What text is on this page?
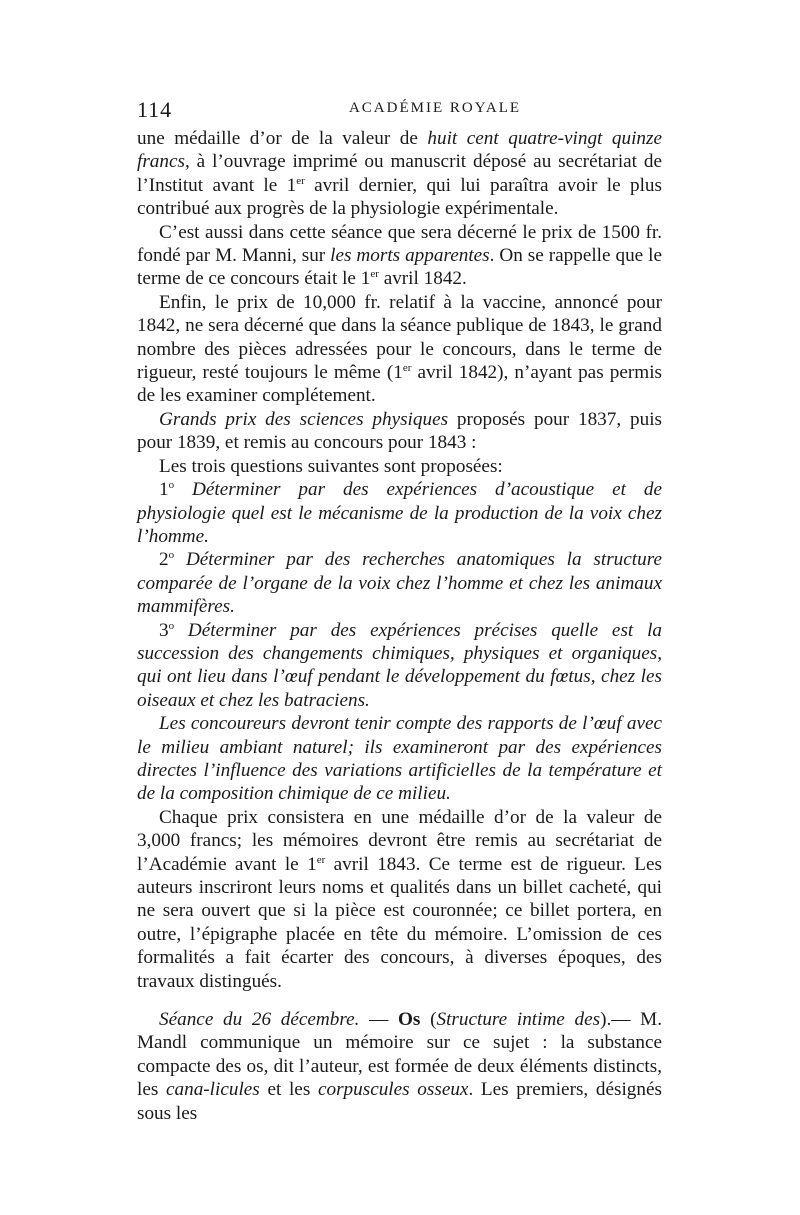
114	ACADÉMIE ROYALE

une médaille d’or de la valeur de huit cent quatre-vingt quinze francs, à l’ouvrage imprimé ou manuscrit déposé au secrétariat de l’Institut avant le 1er avril dernier, qui lui paraîtra avoir le plus contribué aux progrès de la physiologie expérimentale.

C’est aussi dans cette séance que sera décerné le prix de 1500 fr. fondé par M. Manni, sur les morts apparentes. On se rappelle que le terme de ce concours était le 1er avril 1842.

Enfin, le prix de 10,000 fr. relatif à la vaccine, annoncé pour 1842, ne sera décerné que dans la séance publique de 1843, le grand nombre des pièces adressées pour le concours, dans le terme de rigueur, resté toujours le même (1er avril 1842), n’ayant pas permis de les examiner complétement.

Grands prix des sciences physiques proposés pour 1837, puis pour 1839, et remis au concours pour 1843 :

Les trois questions suivantes sont proposées:

1$^o$ Déterminer par des expériences d’acoustique et de physiologie quel est le mécanisme de la production de la voix chez l’homme.

2$^o$ Déterminer par des recherches anatomiques la structure comparée de l’organe de la voix chez l’homme et chez les animaux mammifères.

3$^o$ Déterminer par des expériences précises quelle est la succession des changements chimiques, physiques et organiques, qui ont lieu dans l’œuf pendant le développement du fœtus, chez les oiseaux et chez les batraciens.

Les concoureurs devront tenir compte des rapports de l’œuf avec le milieu ambiant naturel; ils examineront par des expériences directes l’influence des variations artificielles de la température et de la composition chimique de ce milieu.

Chaque prix consistera en une médaille d’or de la valeur de 3,000 francs; les mémoires devront être remis au secrétariat de l’Académie avant le 1er avril 1843. Ce terme est de rigueur. Les auteurs inscriront leurs noms et qualités dans un billet cacheté, qui ne sera ouvert que si la pièce est couronnée; ce billet portera, en outre, l’épigraphe placée en tête du mémoire. L’omission de ces formalités a fait écarter des concours, à diverses époques, des travaux distingués.

Séance du 26 décembre. — Os (Structure intime des).— M. Mandl communique un mémoire sur ce sujet : la substance compacte des os, dit l’auteur, est formée de deux éléments distincts, les cana-licules et les corpuscules osseux. Les premiers, désignés sous les
